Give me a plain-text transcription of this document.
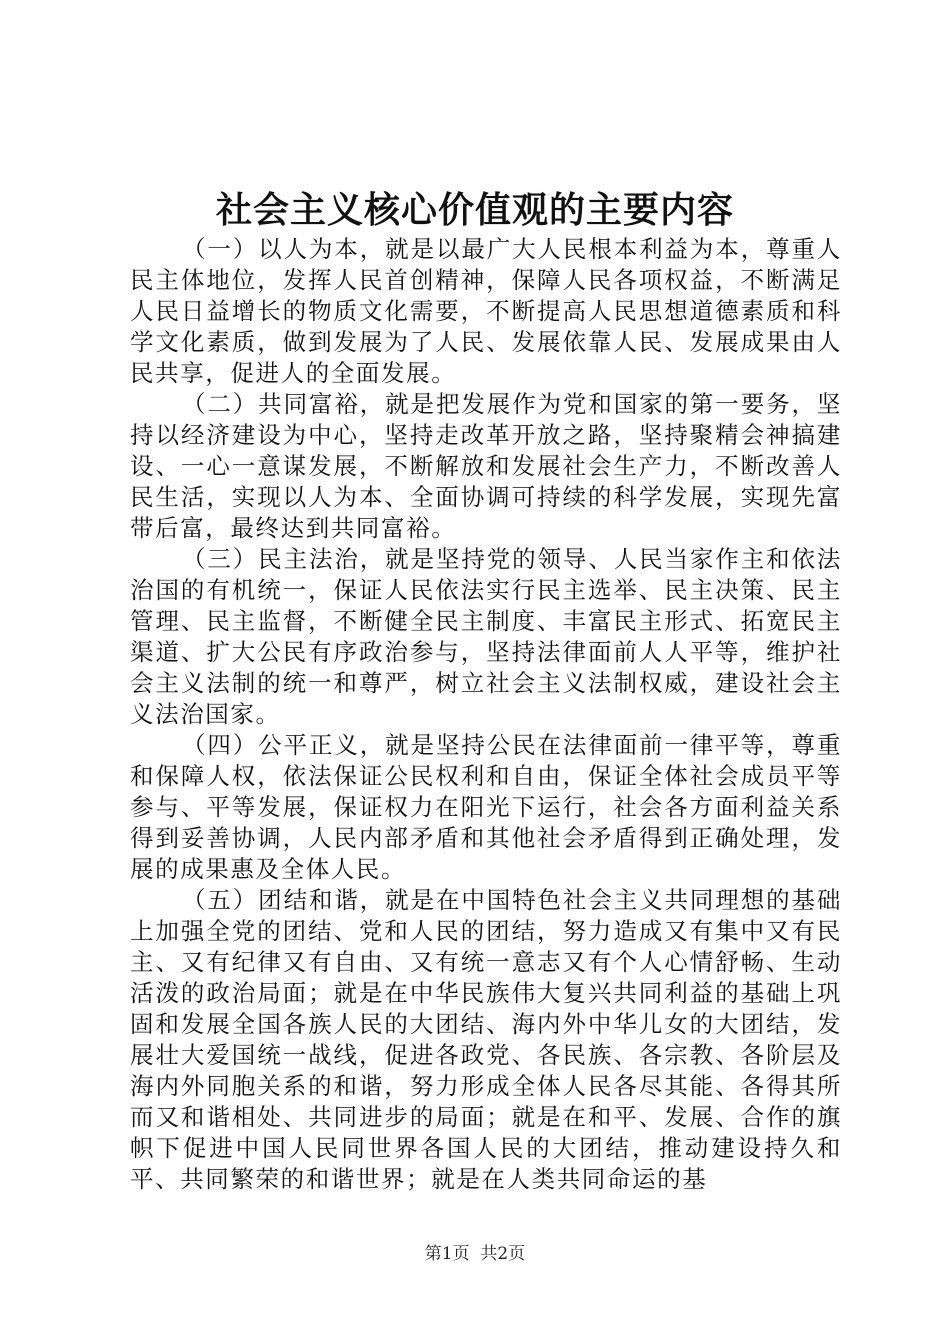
社会主义核心价值观的主要内容

（一）以人为本，就是以最广大人民根本利益为本，尊重人民主体地位，发挥人民首创精神，保障人民各项权益，不断满足人民日益增长的物质文化需要，不断提高人民思想道德素质和科学文化素质，做到发展为了人民、发展依靠人民、发展成果由人民共享，促进人的全面发展。

（二）共同富裕，就是把发展作为党和国家的第一要务，坚持以经济建设为中心，坚持走改革开放之路，坚持聚精会神搞建设、一心一意谋发展，不断解放和发展社会生产力，不断改善人民生活，实现以人为本、全面协调可持续的科学发展，实现先富带后富，最终达到共同富裕。

（三）民主法治，就是坚持党的领导、人民当家作主和依法治国的有机统一，保证人民依法实行民主选举、民主决策、民主管理、民主监督，不断健全民主制度、丰富民主形式、拓宽民主渠道、扩大公民有序政治参与，坚持法律面前人人平等，维护社会主义法制的统一和尊严，树立社会主义法制权威，建设社会主义法治国家。

（四）公平正义，就是坚持公民在法律面前一律平等，尊重和保障人权，依法保证公民权利和自由，保证全体社会成员平等参与、平等发展，保证权力在阳光下运行，社会各方面利益关系得到妥善协调，人民内部矛盾和其他社会矛盾得到正确处理，发展的成果惠及全体人民。

（五）团结和谐，就是在中国特色社会主义共同理想的基础上加强全党的团结、党和人民的团结，努力造成又有集中又有民主、又有纪律又有自由、又有统一意志又有个人心情舒畅、生动活泼的政治局面；就是在中华民族伟大复兴共同利益的基础上巩固和发展全国各族人民的大团结、海内外中华儿女的大团结，发展壮大爱国统一战线，促进各政党、各民族、各宗教、各阶层及海内外同胞关系的和谐，努力形成全体人民各尽其能、各得其所而又和谐相处、共同进步的局面；就是在和平、发展、合作的旗帜下促进中国人民同世界各国人民的大团结，推动建设持久和平、共同繁荣的和谐世界；就是在人类共同命运的基

第1页  共2页
